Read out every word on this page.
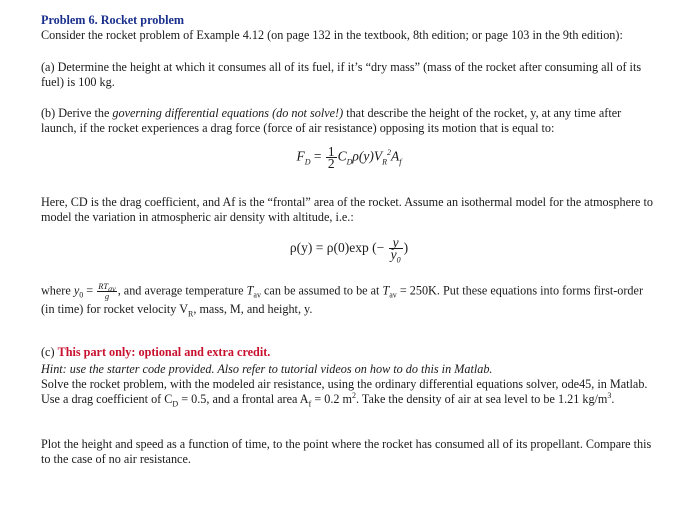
Problem 6. Rocket problem
Consider the rocket problem of Example 4.12 (on page 132 in the textbook, 8th edition; or page 103 in the 9th edition):
(a) Determine the height at which it consumes all of its fuel, if it’s “dry mass” (mass of the rocket after consuming all of its fuel) is 100 kg.
(b) Derive the governing differential equations (do not solve!) that describe the height of the rocket, y, at any time after launch, if the rocket experiences a drag force (force of air resistance) opposing its motion that is equal to:
$F_D = \frac{1}{2} C_D\rho(y)V_R^2A_f$
Here, CD is the drag coefficient, and Af is the “frontal” area of the rocket. Assume an isothermal model for the atmosphere to model the variation in atmospheric air density with altitude, i.e.:
ρ(y) = ρ(0)exp (− $\frac{y}{y_0}$ )
where $y_0 = \frac{RT_{av}}{g}$ , and average temperature $T_{av}$ can be assumed to be at $T_{av} = 250K$. Put these equations into forms first-order (in time) for rocket velocity $V_R$, mass, M, and height, y.
(c) This part only: optional and extra credit.
Hint: use the starter code provided. Also refer to tutorial videos on how to do this in Matlab.
Solve the rocket problem, with the modeled air resistance, using the ordinary differential equations solver, ode45, in Matlab. Use a drag coefficient of $C_D = 0.5$, and a frontal area $A_f = 0.2$ $m^2$. Take the density of air at sea level to be 1.21 $kg/m^3$.
Plot the height and speed as a function of time, to the point where the rocket has consumed all of its propellant. Compare this to the case of no air resistance.
